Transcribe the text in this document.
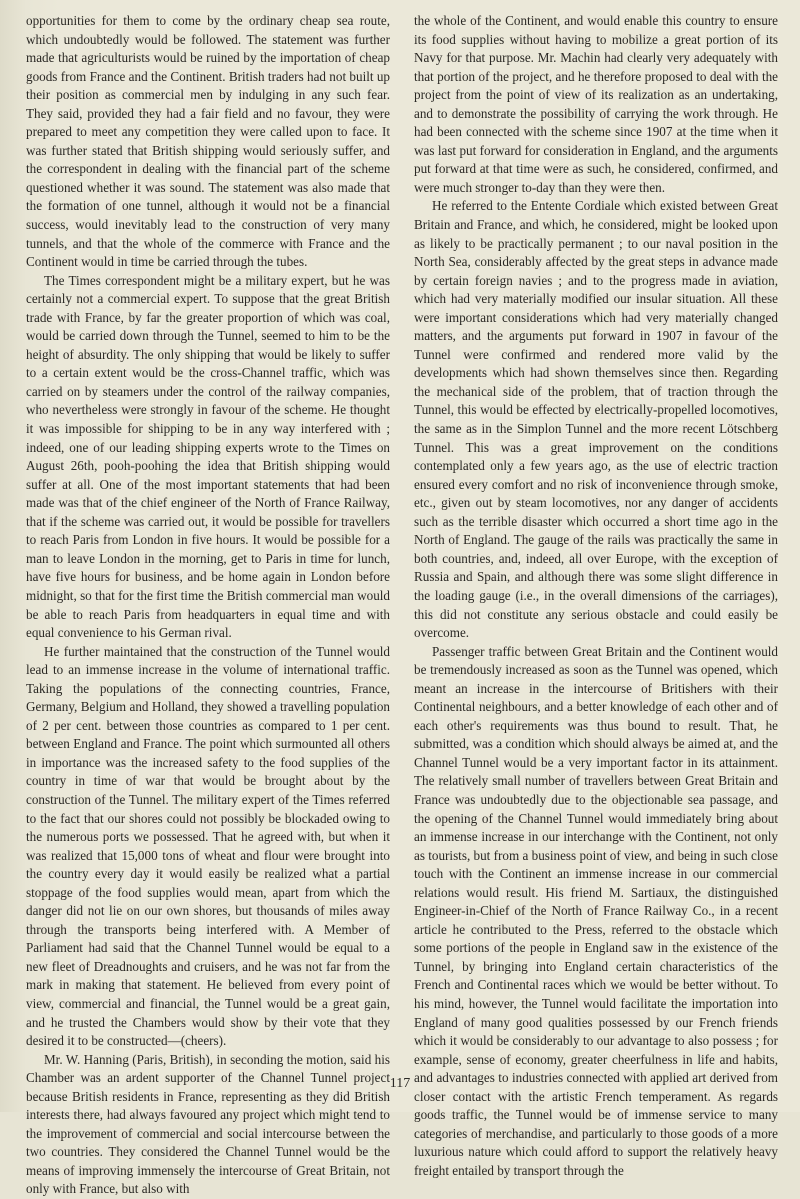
opportunities for them to come by the ordinary cheap sea route, which undoubtedly would be followed. The statement was further made that agriculturists would be ruined by the importation of cheap goods from France and the Continent. British traders had not built up their position as commercial men by indulging in any such fear. They said, provided they had a fair field and no favour, they were prepared to meet any competition they were called upon to face. It was further stated that British shipping would seriously suffer, and the correspondent in dealing with the financial part of the scheme questioned whether it was sound. The statement was also made that the formation of one tunnel, although it would not be a financial success, would inevitably lead to the construction of very many tunnels, and that the whole of the commerce with France and the Continent would in time be carried through the tubes.

The Times correspondent might be a military expert, but he was certainly not a commercial expert. To suppose that the great British trade with France, by far the greater proportion of which was coal, would be carried down through the Tunnel, seemed to him to be the height of absurdity. The only shipping that would be likely to suffer to a certain extent would be the cross-Channel traffic, which was carried on by steamers under the control of the railway companies, who nevertheless were strongly in favour of the scheme. He thought it was impossible for shipping to be in any way interfered with ; indeed, one of our leading shipping experts wrote to the Times on August 26th, pooh-poohing the idea that British shipping would suffer at all. One of the most important statements that had been made was that of the chief engineer of the North of France Railway, that if the scheme was carried out, it would be possible for travellers to reach Paris from London in five hours. It would be possible for a man to leave London in the morning, get to Paris in time for lunch, have five hours for business, and be home again in London before midnight, so that for the first time the British commercial man would be able to reach Paris from headquarters in equal time and with equal convenience to his German rival.

He further maintained that the construction of the Tunnel would lead to an immense increase in the volume of international traffic. Taking the populations of the connecting countries, France, Germany, Belgium and Holland, they showed a travelling population of 2 per cent. between those countries as compared to 1 per cent. between England and France. The point which surmounted all others in importance was the increased safety to the food supplies of the country in time of war that would be brought about by the construction of the Tunnel. The military expert of the Times referred to the fact that our shores could not possibly be blockaded owing to the numerous ports we possessed. That he agreed with, but when it was realized that 15,000 tons of wheat and flour were brought into the country every day it would easily be realized what a partial stoppage of the food supplies would mean, apart from which the danger did not lie on our own shores, but thousands of miles away through the transports being interfered with. A Member of Parliament had said that the Channel Tunnel would be equal to a new fleet of Dreadnoughts and cruisers, and he was not far from the mark in making that statement. He believed from every point of view, commercial and financial, the Tunnel would be a great gain, and he trusted the Chambers would show by their vote that they desired it to be constructed—(cheers).

Mr. W. Hanning (Paris, British), in seconding the motion, said his Chamber was an ardent supporter of the Channel Tunnel project because British residents in France, representing as they did British interests there, had always favoured any project which might tend to the improvement of commercial and social intercourse between the two countries. They considered the Channel Tunnel would be the means of improving immensely the intercourse of Great Britain, not only with France, but also with

the whole of the Continent, and would enable this country to ensure its food supplies without having to mobilize a great portion of its Navy for that purpose. Mr. Machin had clearly very adequately with that portion of the project, and he therefore proposed to deal with the project from the point of view of its realization as an undertaking, and to demonstrate the possibility of carrying the work through. He had been connected with the scheme since 1907 at the time when it was last put forward for consideration in England, and the arguments put forward at that time were as such, he considered, confirmed, and were much stronger to-day than they were then.

He referred to the Entente Cordiale which existed between Great Britain and France, and which, he considered, might be looked upon as likely to be practically permanent ; to our naval position in the North Sea, considerably affected by the great steps in advance made by certain foreign navies ; and to the progress made in aviation, which had very materially modified our insular situation. All these were important considerations which had very materially changed matters, and the arguments put forward in 1907 in favour of the Tunnel were confirmed and rendered more valid by the developments which had shown themselves since then. Regarding the mechanical side of the problem, that of traction through the Tunnel, this would be effected by electrically-propelled locomotives, the same as in the Simplon Tunnel and the more recent Lötschberg Tunnel. This was a great improvement on the conditions contemplated only a few years ago, as the use of electric traction ensured every comfort and no risk of inconvenience through smoke, etc., given out by steam locomotives, nor any danger of accidents such as the terrible disaster which occurred a short time ago in the North of England. The gauge of the rails was practically the same in both countries, and, indeed, all over Europe, with the exception of Russia and Spain, and although there was some slight difference in the loading gauge (i.e., in the overall dimensions of the carriages), this did not constitute any serious obstacle and could easily be overcome.

Passenger traffic between Great Britain and the Continent would be tremendously increased as soon as the Tunnel was opened, which meant an increase in the intercourse of Britishers with their Continental neighbours, and a better knowledge of each other and of each other's requirements was thus bound to result. That, he submitted, was a condition which should always be aimed at, and the Channel Tunnel would be a very important factor in its attainment. The relatively small number of travellers between Great Britain and France was undoubtedly due to the objectionable sea passage, and the opening of the Channel Tunnel would immediately bring about an immense increase in our interchange with the Continent, not only as tourists, but from a business point of view, and being in such close touch with the Continent an immense increase in our commercial relations would result. His friend M. Sartiaux, the distinguished Engineer-in-Chief of the North of France Railway Co., in a recent article he contributed to the Press, referred to the obstacle which some portions of the people in England saw in the existence of the Tunnel, by bringing into England certain characteristics of the French and Continental races which we would be better without. To his mind, however, the Tunnel would facilitate the importation into England of many good qualities possessed by our French friends which it would be considerably to our advantage to also possess ; for example, sense of economy, greater cheerfulness in life and habits, and advantages to industries connected with applied art derived from closer contact with the artistic French temperament. As regards goods traffic, the Tunnel would be of immense service to many categories of merchandise, and particularly to those goods of a more luxurious nature which could afford to support the relatively heavy freight entailed by transport through the

117
